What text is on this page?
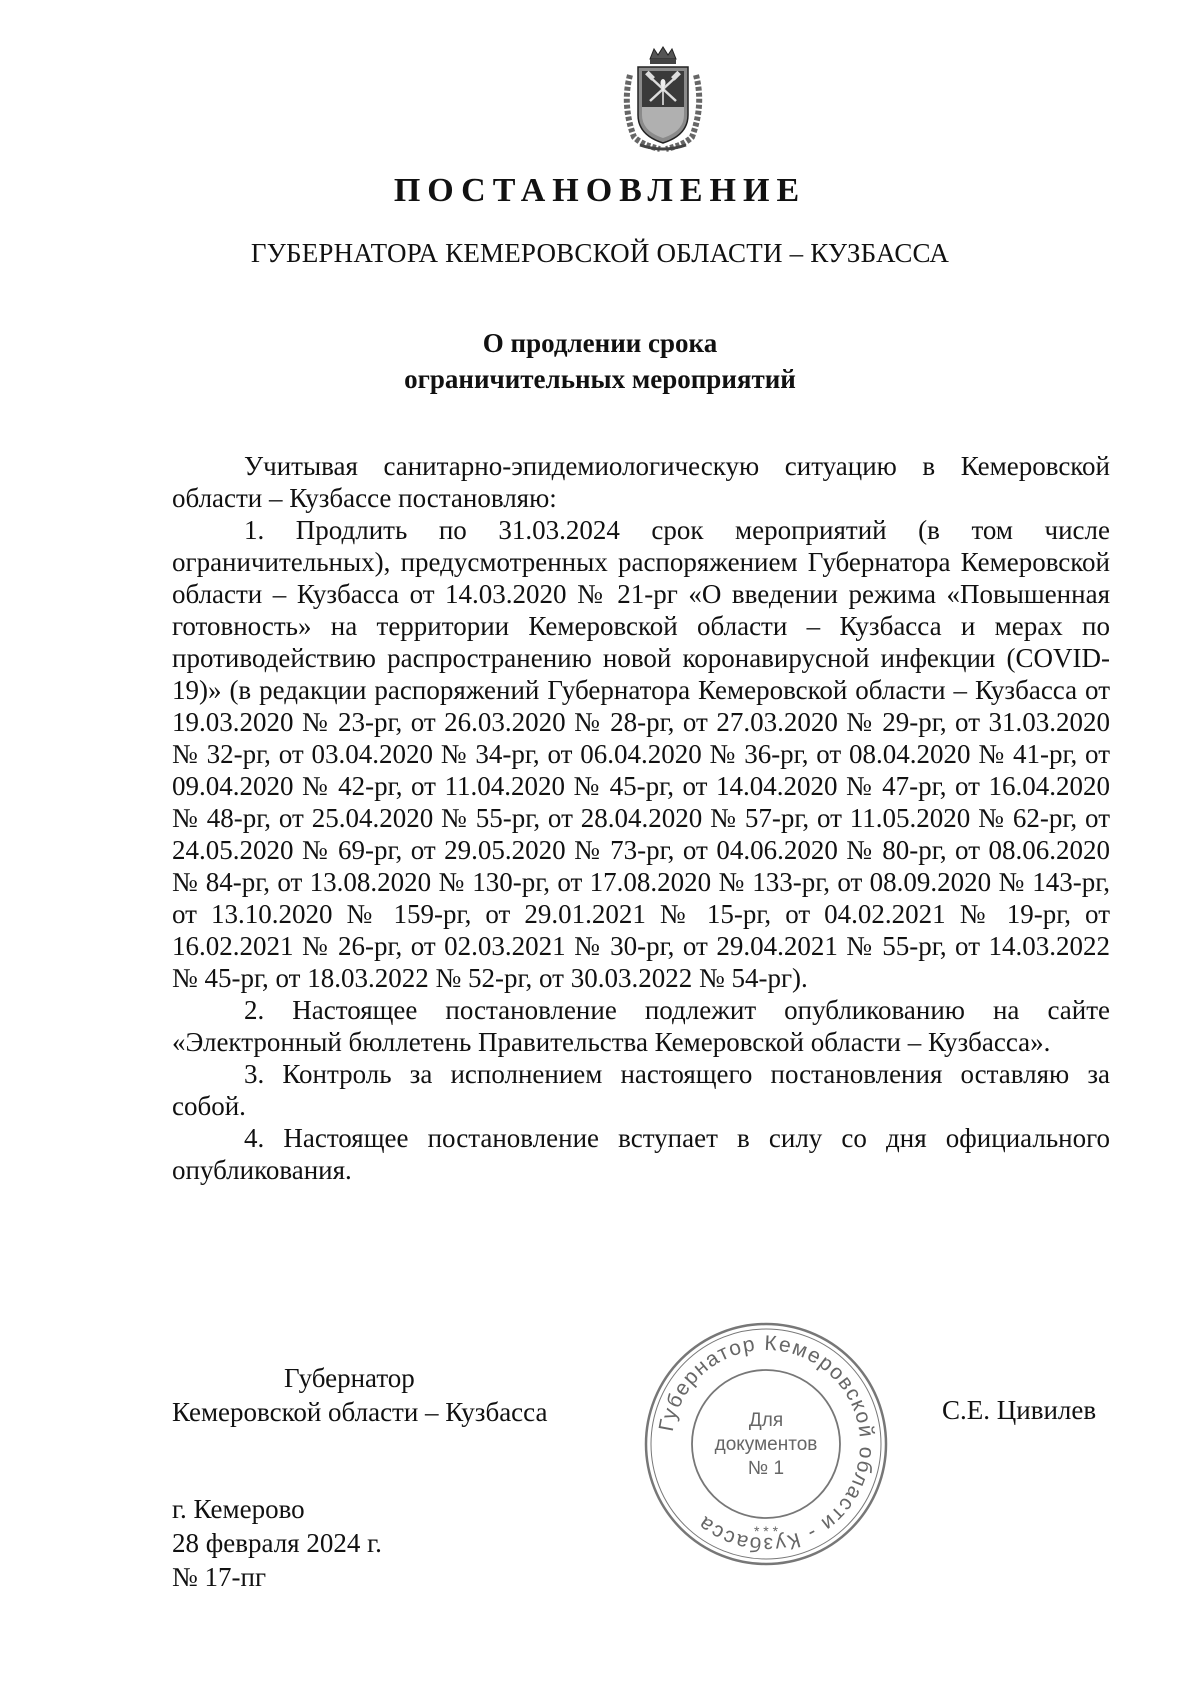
ПОСТАНОВЛЕНИЕ
ГУБЕРНАТОРА КЕМЕРОВСКОЙ ОБЛАСТИ – КУЗБАССА
О продлении срока
ограничительных мероприятий

Учитывая санитарно-эпидемиологическую ситуацию в Кемеровской области – Кузбассе постановляю:

1. Продлить по 31.03.2024 срок мероприятий (в том числе ограничительных), предусмотренных распоряжением Губернатора Кемеровской области – Кузбасса от 14.03.2020 № 21-рг «О введении режима «Повышенная готовность» на территории Кемеровской области – Кузбасса и мерах по противодействию распространению новой коронавирусной инфекции (COVID-19)» (в редакции распоряжений Губернатора Кемеровской области – Кузбасса от 19.03.2020 № 23-рг, от 26.03.2020 № 28-рг, от 27.03.2020 № 29-рг, от 31.03.2020 № 32-рг, от 03.04.2020 № 34-рг, от 06.04.2020 № 36-рг, от 08.04.2020 № 41-рг, от 09.04.2020 № 42-рг, от 11.04.2020 № 45-рг, от 14.04.2020 № 47-рг, от 16.04.2020 № 48-рг, от 25.04.2020 № 55-рг, от 28.04.2020 № 57-рг, от 11.05.2020 № 62-рг, от 24.05.2020 № 69-рг, от 29.05.2020 № 73-рг, от 04.06.2020 № 80-рг, от 08.06.2020 № 84-рг, от 13.08.2020 № 130-рг, от 17.08.2020 № 133-рг, от 08.09.2020 № 143-рг, от 13.10.2020 № 159-рг, от 29.01.2021 № 15-рг, от 04.02.2021 № 19-рг, от 16.02.2021 № 26-рг, от 02.03.2021 № 30-рг, от 29.04.2021 № 55-рг, от 14.03.2022 № 45-рг, от 18.03.2022 № 52-рг, от 30.03.2022 № 54-рг).

2. Настоящее постановление подлежит опубликованию на сайте «Электронный бюллетень Правительства Кемеровской области – Кузбасса».

3. Контроль за исполнением настоящего постановления оставляю за собой.

4. Настоящее постановление вступает в силу со дня официального опубликования.

Губернатор
Кемеровской области – Кузбасса	Губернатор Кемеровской области - Кузбасса
Для
документов
№ 1
* * *
С.Е. Цивилев
г. Кемерово
28 февраля 2024 г.
№ 17-пг
